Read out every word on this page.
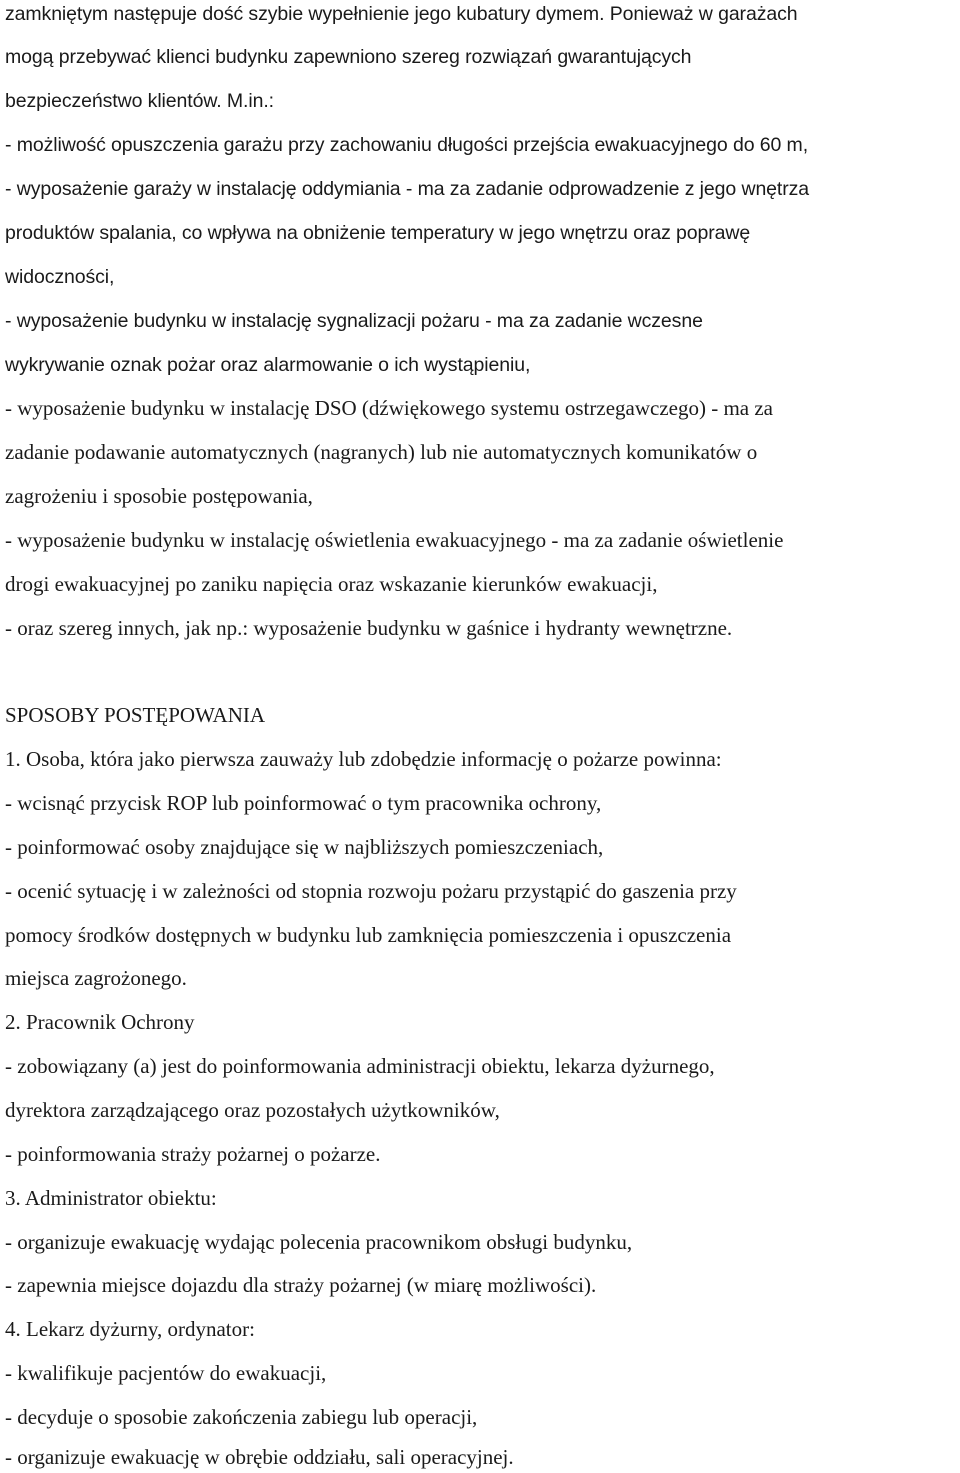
zamkniętym następuje dość szybie wypełnienie jego kubatury dymem. Ponieważ w garażach
mogą przebywać klienci budynku zapewniono szereg rozwiązań gwarantujących
bezpieczeństwo klientów. M.in.:
- możliwość opuszczenia garażu przy zachowaniu długości przejścia ewakuacyjnego do 60 m,
- wyposażenie garaży w instalację oddymiania - ma za zadanie odprowadzenie z jego wnętrza
produktów spalania, co wpływa na obniżenie temperatury w jego wnętrzu oraz poprawę
widoczności,
- wyposażenie budynku w instalację sygnalizacji pożaru - ma za zadanie wczesne
wykrywanie oznak pożar oraz alarmowanie o ich wystąpieniu,
- wyposażenie budynku w instalację DSO (dźwiękowego systemu ostrzegawczego) - ma za
zadanie podawanie automatycznych (nagranych) lub nie automatycznych komunikatów o
zagrożeniu i sposobie postępowania,
- wyposażenie budynku w instalację oświetlenia ewakuacyjnego - ma za zadanie oświetlenie
drogi ewakuacyjnej po zaniku napięcia oraz wskazanie kierunków ewakuacji,
- oraz szereg innych, jak np.: wyposażenie budynku w gaśnice i hydranty wewnętrzne.
SPOSOBY POSTĘPOWANIA
1. Osoba, która jako pierwsza zauważy lub zdobędzie informację o pożarze powinna:
- wcisnąć przycisk ROP lub poinformować o tym pracownika ochrony,
- poinformować osoby znajdujące się w najbliższych pomieszczeniach,
- ocenić sytuację i w zależności od stopnia rozwoju pożaru przystąpić do gaszenia przy
pomocy środków dostępnych w budynku lub zamknięcia pomieszczenia i opuszczenia
miejsca zagrożonego.
2. Pracownik Ochrony
- zobowiązany (a) jest do poinformowania administracji obiektu, lekarza dyżurnego,
dyrektora zarządzającego oraz pozostałych użytkowników,
- poinformowania straży pożarnej o pożarze.
3. Administrator obiektu:
- organizuje ewakuację wydając polecenia pracownikom obsługi budynku,
- zapewnia miejsce dojazdu dla straży pożarnej (w miarę możliwości).
4. Lekarz dyżurny, ordynator:
- kwalifikuje pacjentów do ewakuacji,
- decyduje o sposobie zakończenia zabiegu lub operacji,
- organizuje ewakuację w obrębie oddziału, sali operacyjnej.
